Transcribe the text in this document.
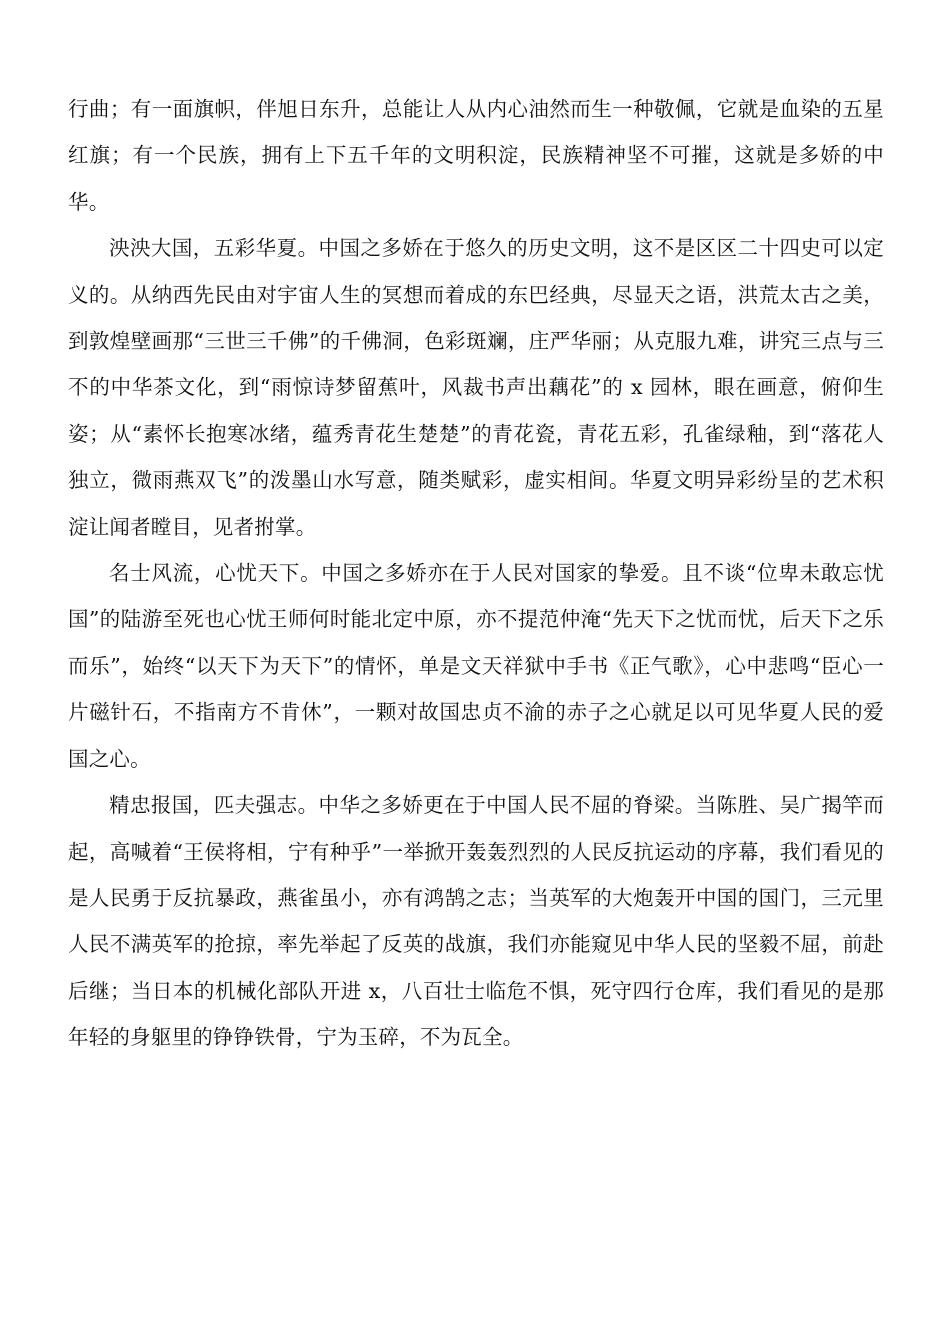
行曲；有一面旗帜，伴旭日东升，总能让人从内心油然而生一种敬佩，它就是血染的五星红旗；有一个民族，拥有上下五千年的文明积淀，民族精神坚不可摧，这就是多娇的中华。

泱泱大国，五彩华夏。中国之多娇在于悠久的历史文明，这不是区区二十四史可以定义的。从纳西先民由对宇宙人生的冥想而着成的东巴经典，尽显天之语，洪荒太古之美，到敦煌壁画那“三世三千佛”的千佛洞，色彩斑斓，庄严华丽；从克服九难，讲究三点与三不的中华茶文化，到“雨惊诗梦留蕉叶，风裁书声出藕花”的 x 园林，眼在画意，俯仰生姿；从“素怀长抱寒冰绪，蕴秀青花生楚楚”的青花瓷，青花五彩，孔雀绿釉，到“落花人独立，微雨燕双飞”的泼墨山水写意，随类赋彩，虚实相间。华夏文明异彩纷呈的艺术积淀让闻者瞠目，见者拊掌。

名士风流，心忧天下。中国之多娇亦在于人民对国家的挚爱。且不谈“位卑未敢忘忧国”的陆游至死也心忧王师何时能北定中原，亦不提范仲淹“先天下之忧而忧，后天下之乐而乐”，始终“以天下为天下”的情怀，单是文天祥狱中手书《正气歌》，心中悲鸣“臣心一片磁针石，不指南方不肯休”，一颗对故国忠贞不渝的赤子之心就足以可见华夏人民的爱国之心。

精忠报国，匹夫强志。中华之多娇更在于中国人民不屈的脊梁。当陈胜、吴广揭竿而起，高喊着“王侯将相，宁有种乎”一举掀开轰轰烈烈的人民反抗运动的序幕，我们看见的是人民勇于反抗暴政，燕雀虽小，亦有鸿鹄之志；当英军的大炮轰开中国的国门，三元里人民不满英军的抢掠，率先举起了反英的战旗，我们亦能窥见中华人民的坚毅不屈，前赴后继；当日本的机械化部队开进 x，八百壮士临危不惧，死守四行仓库，我们看见的是那年轻的身躯里的铮铮铁骨，宁为玉碎，不为瓦全。
